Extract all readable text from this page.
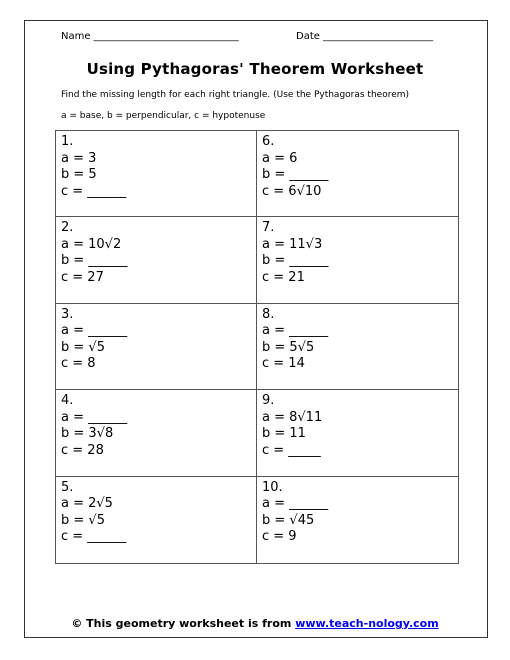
Name _____________________________	Date ______________________
Using Pythagoras' Theorem Worksheet
Find the missing length for each right triangle. (Use the Pythagoras theorem)
a = base, b = perpendicular, c = hypotenuse
1.
a = 3
b = 5
c = ______
6.
a = 6
b = ______
c = 6√10
2.
a = 10√2
b = ______
c = 27
7.
a = 11√3
b = ______
c = 21
3.
a = ______
b = √5
c = 8
8.
a = ______
b = 5√5
c = 14
4.
a = ______
b = 3√8
c = 28
9.
a = 8√11
b = 11
c = _____
5.
a = 2√5
b = √5
c = ______
10.
a = ______
b = √45
c = 9
© This geometry worksheet is from www.teach-nology.com
